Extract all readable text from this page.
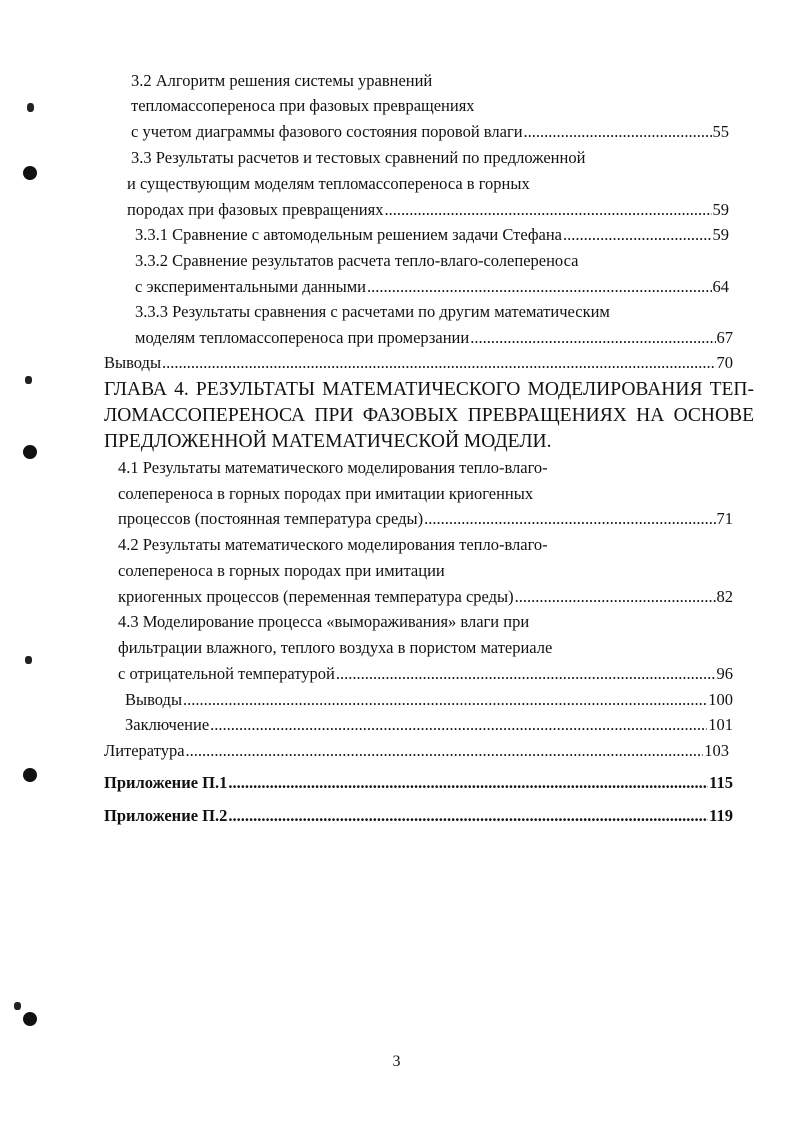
3.2 Алгоритм решения системы уравнений
тепломассопереноса при фазовых превращениях
с учетом диаграммы фазового состояния поровой влаги .....	55
3.3 Результаты расчетов и тестовых сравнений по предложенной
и существующим моделям тепломассопереноса в горных
породах при фазовых превращениях .....	59
3.3.1 Сравнение с автомодельным решением задачи Стефана .....	59
3.3.2 Сравнение результатов расчета тепло-влаго-солепереноса
с экспериментальными данными .....	64
3.3.3 Результаты сравнения с расчетами по другим математическим
моделям тепломассопереноса при промерзании .....	67
Выводы .....	70
ГЛАВА 4. РЕЗУЛЬТАТЫ МАТЕМАТИЧЕСКОГО МОДЕЛИРОВАНИЯ ТЕП-
ЛОМАССОПЕРЕНОСА ПРИ ФАЗОВЫХ ПРЕВРАЩЕНИЯХ НА ОСНОВЕ
ПРЕДЛОЖЕННОЙ МАТЕМАТИЧЕСКОЙ МОДЕЛИ.
4.1 Результаты математического моделирования тепло-влаго-
солепереноса в горных породах при имитации криогенных
процессов (постоянная температура среды) .....	71
4.2 Результаты математического моделирования тепло-влаго-
солепереноса в горных породах при имитации
криогенных процессов (переменная температура среды) .....	82
4.3 Моделирование процесса «вымораживания» влаги при
фильтрации влажного, теплого воздуха в пористом материале
с отрицательной температурой .....	96
Выводы .....	100
Заключение .....	101
Литература .....	103
Приложение П.1 .....	115
Приложение П.2 .....	119
3
